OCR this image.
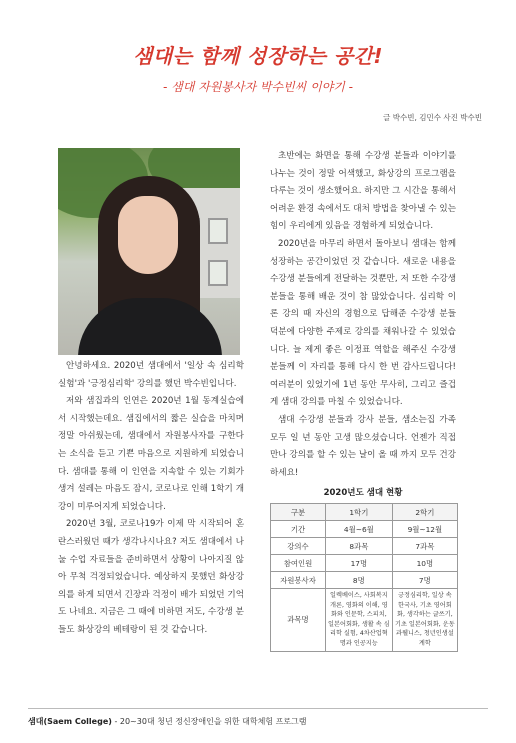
샘대는 함께 성장하는 공간!
- 샘대 자원봉사자 박수빈씨 이야기 -
글 박수빈, 김민수 사진 박수빈

안녕하세요. 2020년 샘대에서 '일상 속 심리학 실험'과 '긍정심리학' 강의를 했던 박수빈입니다.

저와 샘집과의 인연은 2020년 1월 동계실습에서 시작했는데요. 샘집에서의 짧은 실습을 마치며 정말 아쉬웠는데, 샘대에서 자원봉사자를 구한다는 소식을 듣고 기쁜 마음으로 지원하게 되었습니다. 샘대를 통해 이 인연을 지속할 수 있는 기회가 생겨 설레는 마음도 잠시, 코로나로 인해 1학기 개강이 미루어지게 되었습니다.

2020년 3월, 코로나19가 이제 막 시작되어 혼란스러웠던 때가 생각나시나요? 저도 샘대에서 나눌 수업 자료들을 준비하면서 상황이 나아지질 않아 무척 걱정되었습니다. 예상하지 못했던 화상강의를 하게 되면서 긴장과 걱정이 배가 되었던 기억도 나네요. 지금은 그 때에 비하면 저도, 수강생 분들도 화상강의 베테랑이 된 것 같습니다.

초반에는 화면을 통해 수강생 분들과 이야기를 나누는 것이 정말 어색했고, 화상강의 프로그램을 다루는 것이 생소했어요. 하지만 그 시간을 통해서 어려운 환경 속에서도 대처 방법을 찾아낼 수 있는 힘이 우리에게 있음을 경험하게 되었습니다.

2020년을 마무리 하면서 돌아보니 샘대는 함께 성장하는 공간이었던 것 같습니다. 새로운 내용을 수강생 분들에게 전달하는 것뿐만, 저 또한 수강생 분들을 통해 배운 것이 참 많았습니다. 심리학 이론 강의 때 자신의 경험으로 답해준 수강생 분들 덕분에 다양한 주제로 강의를 채워나갈 수 있었습니다. 늘 제게 좋은 이정표 역할을 해주신 수강생 분들께 이 자리를 통해 다시 한 번 감사드립니다! 여러분이 있었기에 1년 동안 무사히, 그리고 즐겁게 샘대 강의를 마칠 수 있었습니다.

샘대 수강생 분들과 강사 분들, 샘소는집 가족 모두 일 년 동안 고생 많으셨습니다. 언젠가 직접 만나 강의를 할 수 있는 날이 올 때 까지 모두 건강하세요!

2020년도 샘대 현황
구분	1학기	2학기
기간	4월~6월	9월~12월
강의수	8과목	7과목
참여인원	17명	10명
자원봉사자	8명	7명
과목명	일렉베이스, 사회복지개론, 영화의 이해, 영화와 인문학, 스피치, 일본어회화, 생활 속 심리학 실험, 4차산업혁명과 인공지능	긍정심리학, 일상 속 한국사, 기초 영어회화, 생각하는 글쓰기, 기초 일본어회화, 운동과웰니스, 청년인생설계학
샘대(Saem College) - 20~30대 청년 정신장애인을 위한 대학체험 프로그램
